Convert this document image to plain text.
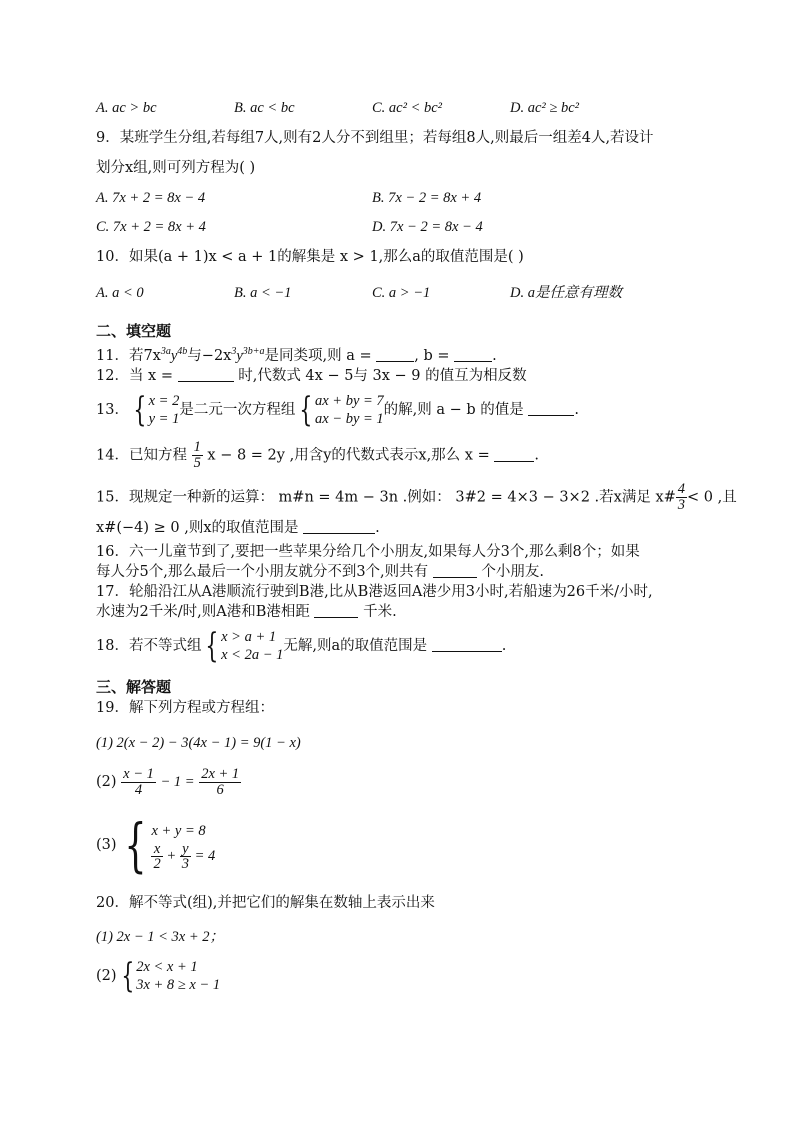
A. ac > bc	B. ac < bc	C. ac² < bc²	D. ac² ≥ bc²
9．某班学生分组,若每组7人,则有2人分不到组里；若每组8人,则最后一组差4人,若设计
划分x组,则可列方程为( )
A. 7x + 2 = 8x − 4	B. 7x − 2 = 8x + 4
C. 7x + 2 = 8x + 4	D. 7x − 2 = 8x − 4
10．如果(a + 1)x < a + 1的解集是 x > 1,那么a的取值范围是( )
A. a < 0	B. a < −1	C. a > −1	D. a是任意有理数
二、填空题
11．若$7x^{3a}y^{4b}$与$-2x^3y^{3b+a}$是同类项,则 a =	, b =	.
12．当 x =	时,代数式 4x − 5与 3x − 9 的值互为相反数
13． { x = 2
y = 1
是二元一次方程组 { ax + by = 7
ax − by = 1
的解,则 a − b 的值是	.
14．已知方程 $\frac{1}{5}$ x − 8 = 2y ,用含y的代数式表示x,那么 x =	.
15．现规定一种新的运算： m#n = 4m − 3n .例如： 3#2 = 4×3 − 3×2 .若x满足 x# $\frac{4}{3} < 0$ ,且
x#(−4) ≥ 0 ,则x的取值范围是	.
16．六一儿童节到了,要把一些苹果分给几个小朋友,如果每人分3个,那么剩8个；如果
每人分5个,那么最后一个小朋友就分不到3个,则共有	个小朋友.
17．轮船沿江从A港顺流行驶到B港,比从B港返回A港少用3小时,若船速为26千米/小时,
水速为2千米/时,则A港和B港相距	千米.
18．若不等式组 { x > a + 1
x < 2a − 1
无解,则a的取值范围是	.
三、解答题
19．解下列方程或方程组：
(1) 2(x − 2) − 3(4x − 1) = 9(1 − x)
$(2) \frac{x - 1}{4} - 1 = \frac{2x + 1}{6}$
(3) { x + y = 8
$\frac{x}{2} + \frac{y}{3} = 4$
20．解不等式(组),并把它们的解集在数轴上表示出来
(1) 2x − 1 < 3x + 2；
(2) { 2x < x + 1
3x + 8 ≥ x − 1
